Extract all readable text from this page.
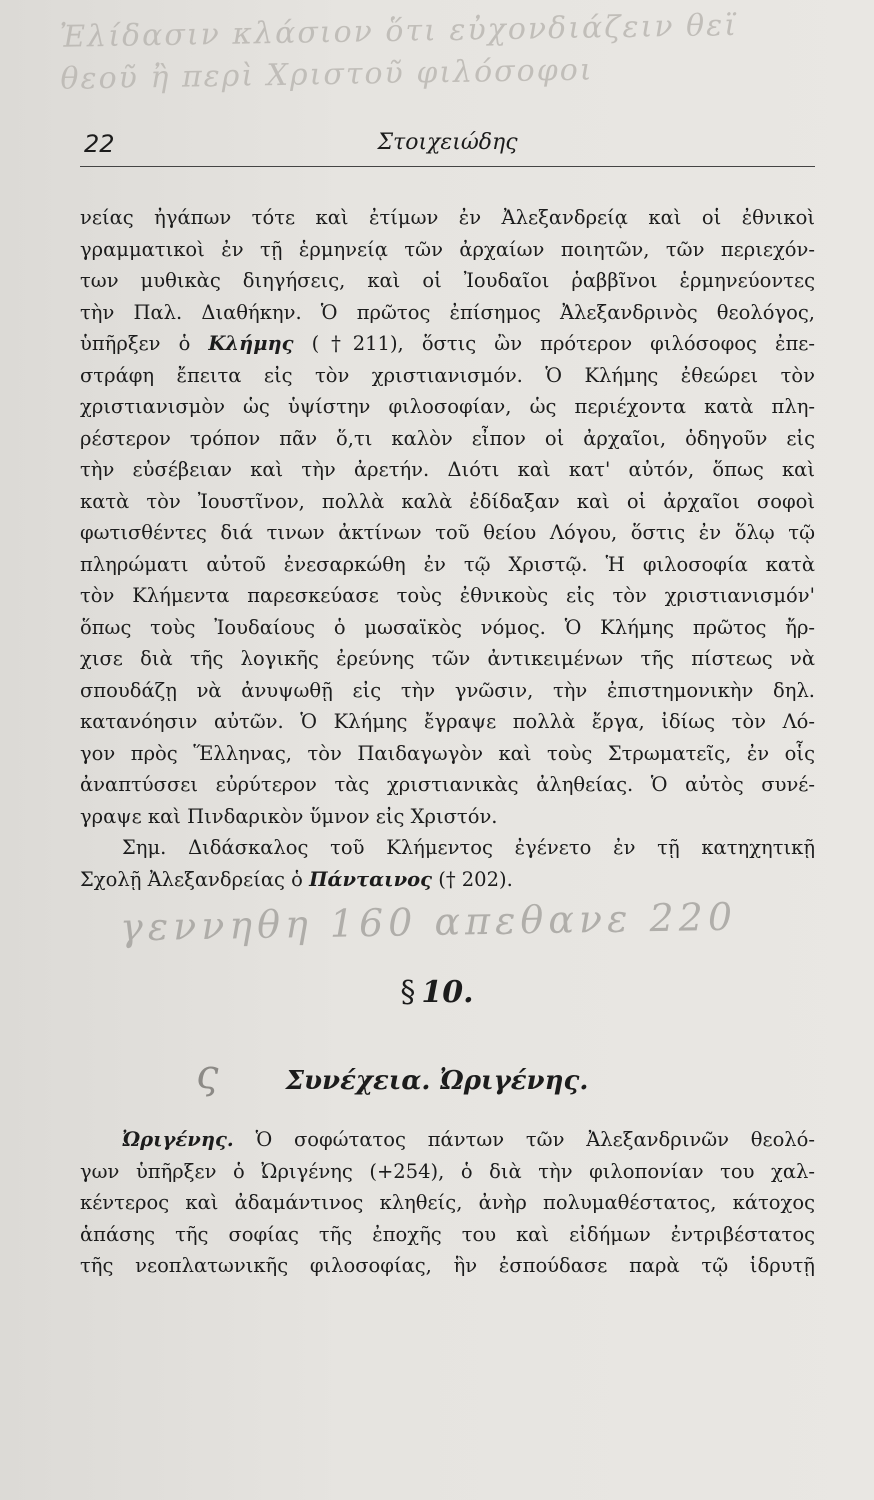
Ἐλίδασιν κλάσιον ὅτι εὐχονδιάζειν θεϊ
θεοῦ ἢ περὶ Χριστοῦ φιλόσοφοι
22	Στοιχειώδης
νείας ἠγάπων τότε καὶ ἐτίμων ἐν Ἀλεξανδρείᾳ καὶ οἱ ἐθνικοὶ
γραμματικοὶ ἐν τῇ ἑρμηνείᾳ τῶν ἀρχαίων ποιητῶν, τῶν περιεχόν-
των μυθικὰς διηγήσεις, καὶ οἱ Ἰουδαῖοι ῥαββῖνοι ἑρμηνεύοντες
τὴν Παλ. Διαθήκην. Ὁ πρῶτος ἐπίσημος Ἀλεξανδρινὸς θεολόγος,
ὑπῆρξεν ὁ Κλήμης (†211), ὅστις ὢν πρότερον φιλόσοφος ἐπε-
στράφη ἔπειτα εἰς τὸν χριστιανισμόν. Ὁ Κλήμης ἐθεώρει τὸν
χριστιανισμὸν ὡς ὑψίστην φιλοσοφίαν, ὡς περιέχοντα κατὰ πλη-
ρέστερον τρόπον πᾶν ὅ,τι καλὸν εἶπον οἱ ἀρχαῖοι, ὁδηγοῦν εἰς
τὴν εὐσέβειαν καὶ τὴν ἀρετήν. Διότι καὶ κατ' αὐτόν, ὅπως καὶ
κατὰ τὸν Ἰουστῖνον, πολλὰ καλὰ ἐδίδαξαν καὶ οἱ ἀρχαῖοι σοφοὶ
φωτισθέντες διά τινων ἀκτίνων τοῦ θείου Λόγου, ὅστις ἐν ὅλῳ τῷ
πληρώματι αὐτοῦ ἐνεσαρκώθη ἐν τῷ Χριστῷ. Ἡ φιλοσοφία κατὰ
τὸν Κλήμεντα παρεσκεύασε τοὺς ἐθνικοὺς εἰς τὸν χριστιανισμόν'
ὅπως τοὺς Ἰουδαίους ὁ μωσαϊκὸς νόμος. Ὁ Κλήμης πρῶτος ἤρ-
χισε διὰ τῆς λογικῆς ἐρεύνης τῶν ἀντικειμένων τῆς πίστεως νὰ
σπουδάζῃ νὰ ἀνυψωθῇ εἰς τὴν γνῶσιν, τὴν ἐπιστημονικὴν δηλ.
κατανόησιν αὐτῶν. Ὁ Κλήμης ἔγραψε πολλὰ ἔργα, ἰδίως τὸν Λό-
γον πρὸς Ἕλληνας, τὸν Παιδαγωγὸν καὶ τοὺς Στρωματεῖς, ἐν οἷς
ἀναπτύσσει εὐρύτερον τὰς χριστιανικὰς ἀληθείας. Ὁ αὐτὸς συνέ-
γραψε καὶ Πινδαρικὸν ὕμνον εἰς Χριστόν.
Σημ. Διδάσκαλος τοῦ Κλήμεντος ἐγένετο ἐν τῇ κατηχητικῇ
Σχολῇ Ἀλεξανδρείας ὁ Πάνταινος († 202).
γεννηθη 160 απεθανε 220
§ 10.
ς	Συνέχεια. Ὠριγένης.
Ὠριγένης. Ὁ σοφώτατος πάντων τῶν Ἀλεξανδρινῶν θεολό-
γων ὑπῆρξεν ὁ Ὠριγένης (+254), ὁ διὰ τὴν φιλοπονίαν του χαλ-
κέντερος καὶ ἀδαμάντινος κληθείς, ἀνὴρ πολυμαθέστατος, κάτοχος
ἁπάσης τῆς σοφίας τῆς ἐποχῆς του καὶ εἰδήμων ἐντριβέστατος
τῆς νεοπλατωνικῆς φιλοσοφίας, ἣν ἐσπούδασε παρὰ τῷ ἱδρυτῇ
